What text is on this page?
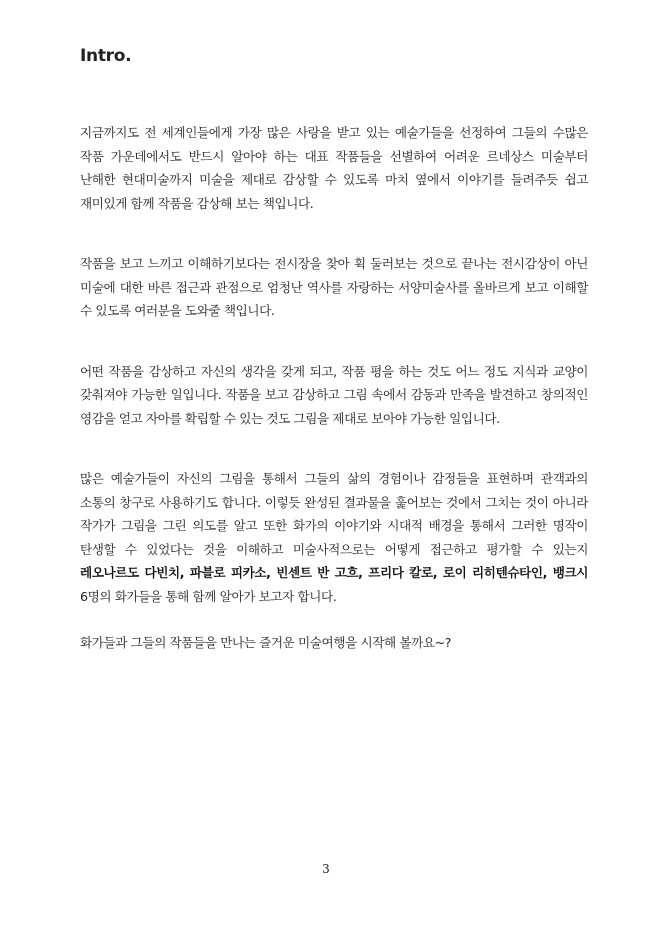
Intro.

지금까지도 전 세계인들에게 가장 많은 사랑을 받고 있는 예술가들을 선정하여 그들의 수많은 작품 가운데에서도 반드시 알아야 하는 대표 작품들을 선별하여 어려운 르네상스 미술부터 난해한 현대미술까지 미술을 제대로 감상할 수 있도록 마치 옆에서 이야기를 들려주듯 쉽고 재미있게 함께 작품을 감상해 보는 책입니다.

작품을 보고 느끼고 이해하기보다는 전시장을 찾아 휙 둘러보는 것으로 끝나는 전시감상이 아닌 미술에 대한 바른 접근과 관점으로 엄청난 역사를 자랑하는 서양미술사를 올바르게 보고 이해할 수 있도록 여러분을 도와줄 책입니다.

어떤 작품을 감상하고 자신의 생각을 갖게 되고, 작품 평을 하는 것도 어느 정도 지식과 교양이 갖춰져야 가능한 일입니다. 작품을 보고 감상하고 그림 속에서 감동과 만족을 발견하고 창의적인 영감을 얻고 자아를 확립할 수 있는 것도 그림을 제대로 보아야 가능한 일입니다.

많은 예술가들이 자신의 그림을 통해서 그들의 삶의 경험이나 감정들을 표현하며 관객과의 소통의 창구로 사용하기도 합니다. 이렇듯 완성된 결과물을 훑어보는 것에서 그치는 것이 아니라 작가가 그림을 그린 의도를 알고 또한 화가의 이야기와 시대적 배경을 통해서 그러한 명작이 탄생할 수 있었다는 것을 이해하고 미술사적으로는 어떻게 접근하고 평가할 수 있는지 레오나르도 다빈치, 파블로 피카소, 빈센트 반 고흐, 프리다 칼로, 로이 리히텐슈타인, 뱅크시 6명의 화가들을 통해 함께 알아가 보고자 합니다.

화가들과 그들의 작품들을 만나는 즐거운 미술여행을 시작해 볼까요~?

3
